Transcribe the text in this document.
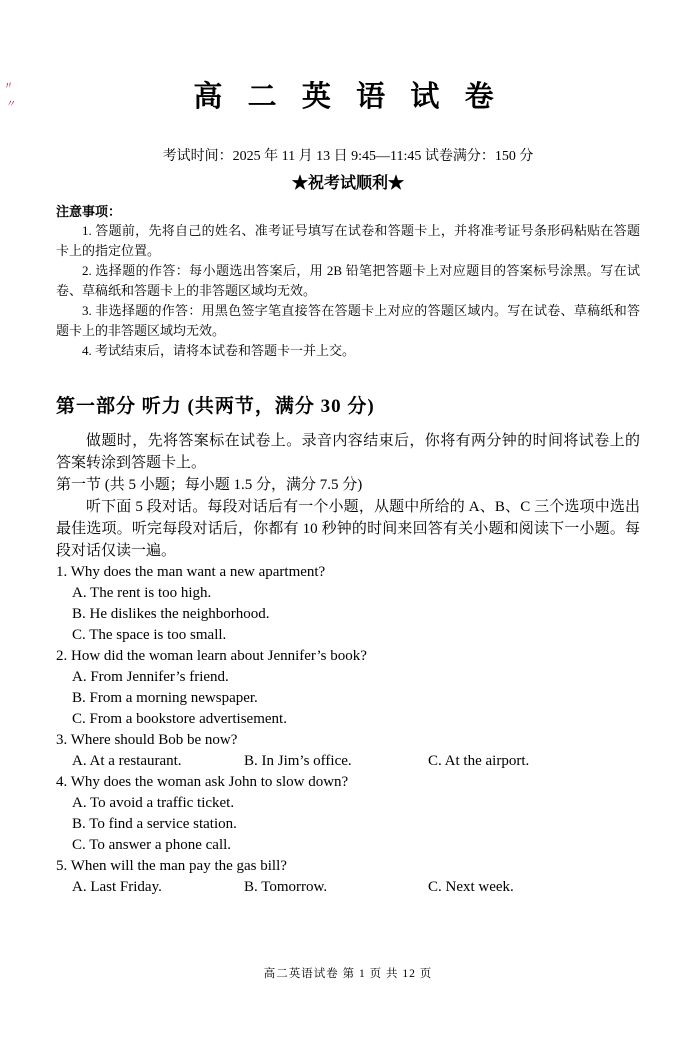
〃
〃	高 二 英 语 试 卷
考试时间：2025 年 11 月 13 日 9:45—11:45 试卷满分：150 分
★祝考试顺利★
注意事项：
1. 答题前，先将自己的姓名、准考证号填写在试卷和答题卡上，并将准考证号条形码粘贴在答题卡上的指定位置。
2. 选择题的作答：每小题选出答案后，用 2B 铅笔把答题卡上对应题目的答案标号涂黑。写在试卷、草稿纸和答题卡上的非答题区域均无效。
3. 非选择题的作答：用黑色签字笔直接答在答题卡上对应的答题区域内。写在试卷、草稿纸和答题卡上的非答题区域均无效。
4. 考试结束后，请将本试卷和答题卡一并上交。
第一部分 听力 (共两节，满分 30 分)
做题时，先将答案标在试卷上。录音内容结束后，你将有两分钟的时间将试卷上的答案转涂到答题卡上。
第一节 (共 5 小题；每小题 1.5 分，满分 7.5 分)
听下面 5 段对话。每段对话后有一个小题，从题中所给的 A、B、C 三个选项中选出最佳选项。听完每段对话后，你都有 10 秒钟的时间来回答有关小题和阅读下一小题。每段对话仅读一遍。
1. Why does the man want a new apartment?
A. The rent is too high.
B. He dislikes the neighborhood.
C. The space is too small.
2. How did the woman learn about Jennifer’s book?
A. From Jennifer’s friend.
B. From a morning newspaper.
C. From a bookstore advertisement.
3. Where should Bob be now?
A. At a restaurant.	B. In Jim’s office.	C. At the airport.
4. Why does the woman ask John to slow down?
A. To avoid a traffic ticket.
B. To find a service station.
C. To answer a phone call.
5. When will the man pay the gas bill?
A. Last Friday.	B. Tomorrow.	C. Next week.
高二英语试卷 第 1 页 共 12 页
